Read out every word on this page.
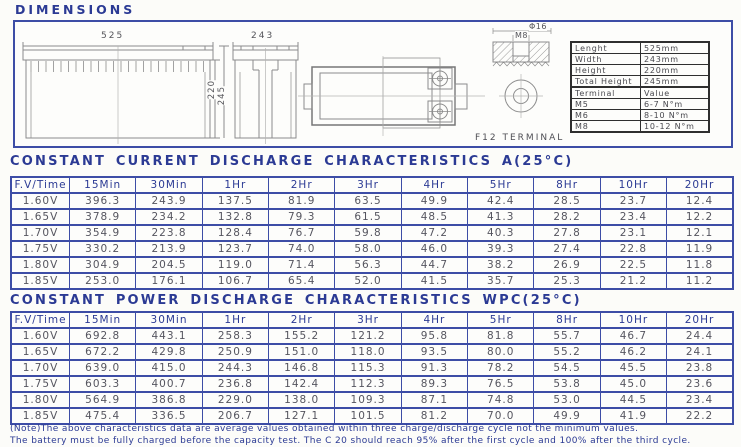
DIMENSIONS
525	243
220 245
Φ16
M8
F12 TERMINAL
Lenght	525mm
Width	243mm
Height	220mm
Total Height	245mm
Terminal	Value
M5	6-7 N°m
M6	8-10 N°m
M8	10-12 N°m
CONSTANT CURRENT DISCHARGE CHARACTERISTICS A(25°C)
F.V/Time	15Min	30Min	1Hr	2Hr	3Hr	4Hr	5Hr	8Hr	10Hr	20Hr
1.60V	396.3	243.9	137.5	81.9	63.5	49.9	42.4	28.5	23.7	12.4
1.65V	378.9	234.2	132.8	79.3	61.5	48.5	41.3	28.2	23.4	12.2
1.70V	354.9	223.8	128.4	76.7	59.8	47.2	40.3	27.8	23.1	12.1
1.75V	330.2	213.9	123.7	74.0	58.0	46.0	39.3	27.4	22.8	11.9
1.80V	304.9	204.5	119.0	71.4	56.3	44.7	38.2	26.9	22.5	11.8
1.85V	253.0	176.1	106.7	65.4	52.0	41.5	35.7	25.3	21.2	11.2
CONSTANT POWER DISCHARGE CHARACTERISTICS WPC(25°C)
F.V/Time	15Min	30Min	1Hr	2Hr	3Hr	4Hr	5Hr	8Hr	10Hr	20Hr
1.60V	692.8	443.1	258.3	155.2	121.2	95.8	81.8	55.7	46.7	24.4
1.65V	672.2	429.8	250.9	151.0	118.0	93.5	80.0	55.2	46.2	24.1
1.70V	639.0	415.0	244.3	146.8	115.3	91.3	78.2	54.5	45.5	23.8
1.75V	603.3	400.7	236.8	142.4	112.3	89.3	76.5	53.8	45.0	23.6
1.80V	564.9	386.8	229.0	138.0	109.3	87.1	74.8	53.0	44.5	23.4
1.85V	475.4	336.5	206.7	127.1	101.5	81.2	70.0	49.9	41.9	22.2
(Note)The above characteristics data are average values obtained within three charge/discharge cycle not the minimum values.
The battery must be fully charged before the capacity test. The C 20 should reach 95% after the first cycle and 100% after the third cycle.
